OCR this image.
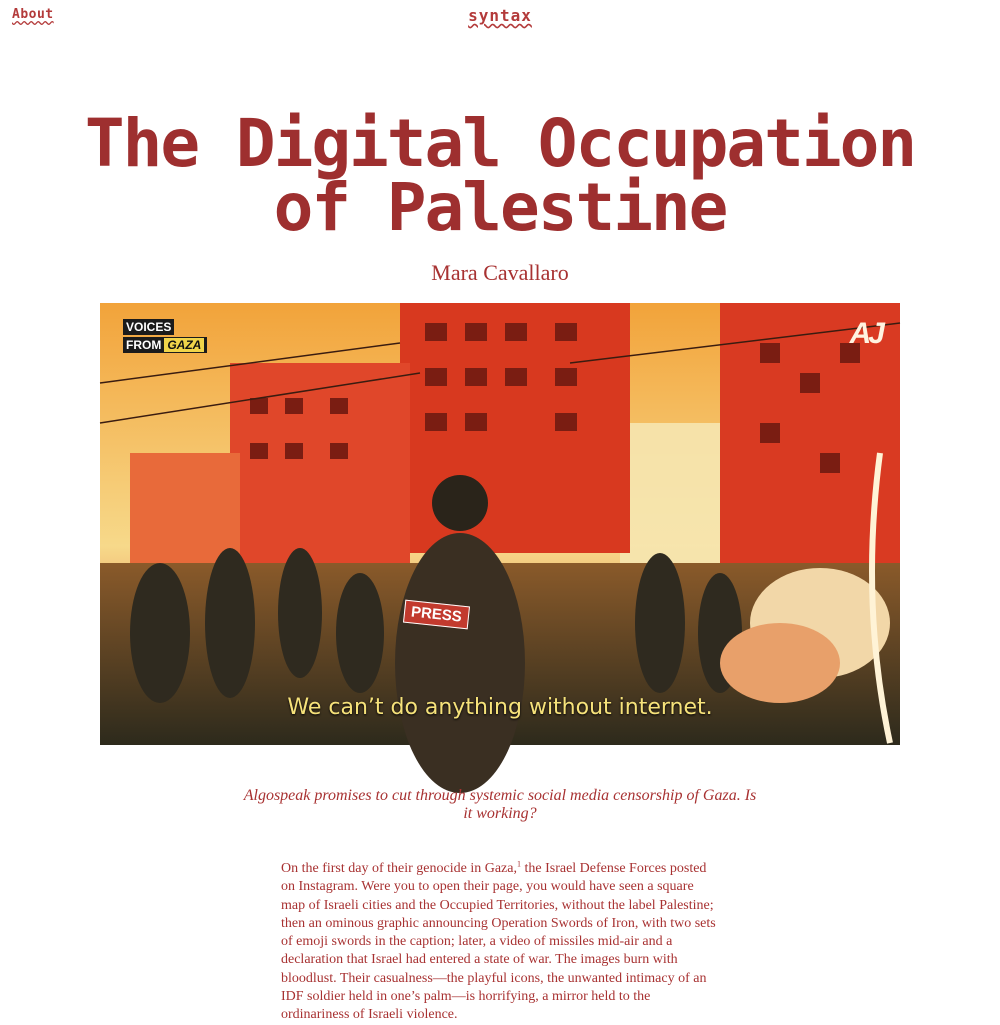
About	syntax
The Digital Occupation of Palestine
Mara Cavallaro
VOICES
FROM GAZA	AJ
PRESS
We can’t do anything without internet.

Algospeak promises to cut through systemic social media censorship of Gaza. Is it working?

On the first day of their genocide in Gaza,$^1$ the Israel Defense Forces posted on Instagram. Were you to open their page, you would have seen a square map of Israeli cities and the Occupied Territories, without the label Palestine; then an ominous graphic announcing Operation Swords of Iron, with two sets of emoji swords in the caption; later, a video of missiles mid-air and a declaration that Israel had entered a state of war. The images burn with bloodlust. Their casualness—the playful icons, the unwanted intimacy of an IDF soldier held in one’s palm—is horrifying, a mirror held to the ordinariness of Israeli violence.
